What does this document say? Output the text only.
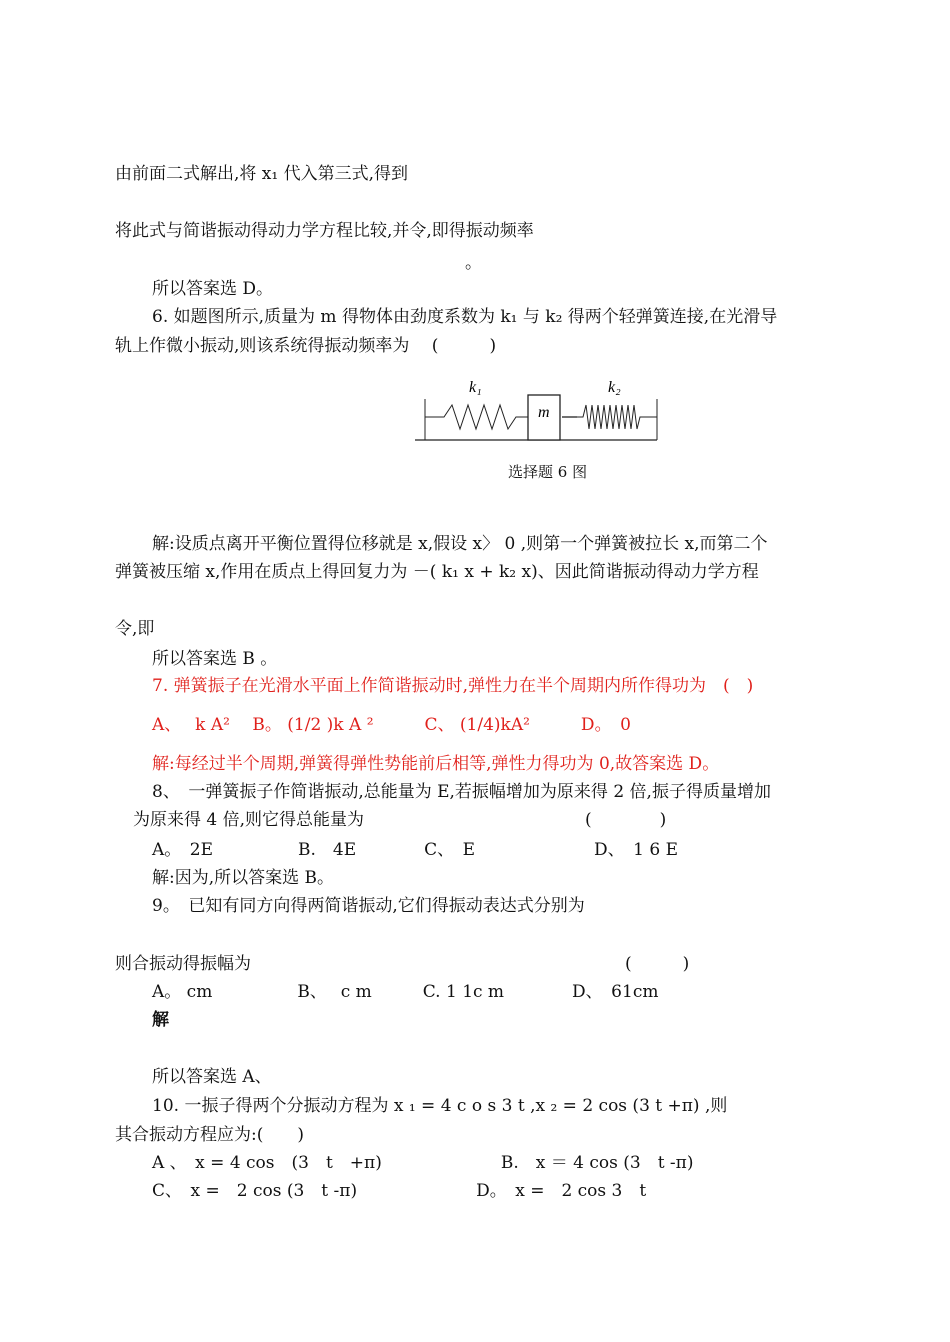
由前面二式解出,将 x₁ 代入第三式,得到
将此式与简谐振动得动力学方程比较,并令,即得振动频率
。
所以答案选 D。
6. 如题图所示,质量为 m 得物体由劲度系数为 k₁ 与 k₂ 得两个轻弹簧连接,在光滑导
轨上作微小振动,则该系统得振动频率为　 (　　　)
k₁	k₂
m
选择题 6 图
解:设质点离开平衡位置得位移就是 x,假设 x〉 0 ,则第一个弹簧被拉长 x,而第二个
弹簧被压缩 x,作用在质点上得回复力为 －( k₁ x + k₂ x)、因此简谐振动得动力学方程
令,即
所以答案选 B 。
7. 弹簧振子在光滑水平面上作简谐振动时,弹性力在半个周期内所作得功为　(　)
A、　 k A²　 B。 (1/2 )k A ²　　　C、 (1/4)kA²　　　D。　0
解:每经过半个周期,弹簧得弹性势能前后相等,弹性力得功为 0,故答案选 D。
8、　一弹簧振子作简谐振动,总能量为 E,若振幅增加为原来得 2 倍,振子得质量增加
为原来得 4 倍,则它得总能量为　　　　　　　　　　　　　(　　　　)
A。　2E　　　　　B.　4E　　　　C、　E　　　　　　　D、　1 6 E
解:因为,所以答案选 B。
9。　已知有同方向得两简谐振动,它们得振动表达式分别为
则合振动得振幅为　　　　　　　　　　　　　　　　　　　　　　(　　　)
A。 cm　　　　　B、　 c m　　　C. 1 1c m　　　　D、　61cm
解
所以答案选 A、
10. 一振子得两个分振动方程为 x ₁ = 4 c o s 3 t ,x ₂ = 2 cos (3 t +π) ,则
其合振动方程应为:(　　)
A 、　x = 4 cos　(3　t　+π)　　　　　　　B.　x ＝ 4 cos (3　t -π)
C、　x =　2 cos (3　t -π)　　　　　　　D。　x =　2 cos 3　t
